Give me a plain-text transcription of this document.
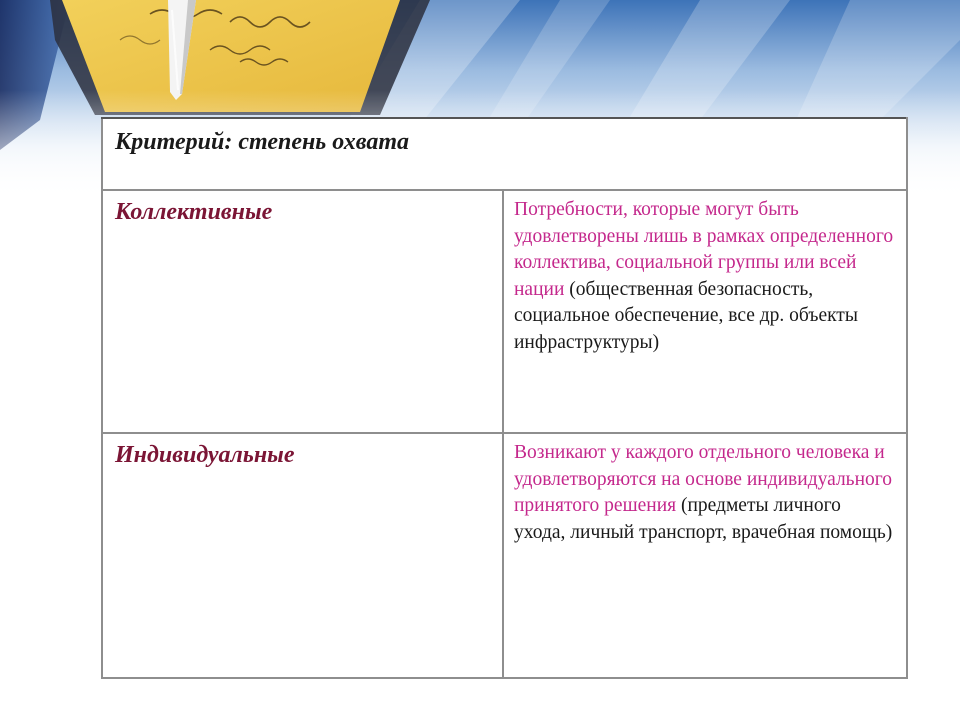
Критерий: степень охвата	
Коллективные	Потребности, которые могут быть удовлетворены лишь в рамках определенного коллектива, социальной группы или всей нации (общественная безопасность, социальное обеспечение, все др. объекты инфраструктуры)
Индивидуальные	Возникают у каждого отдельного человека и удовлетворяются на основе индивидуального принятого решения (предметы личного ухода, личный транспорт, врачебная помощь)
